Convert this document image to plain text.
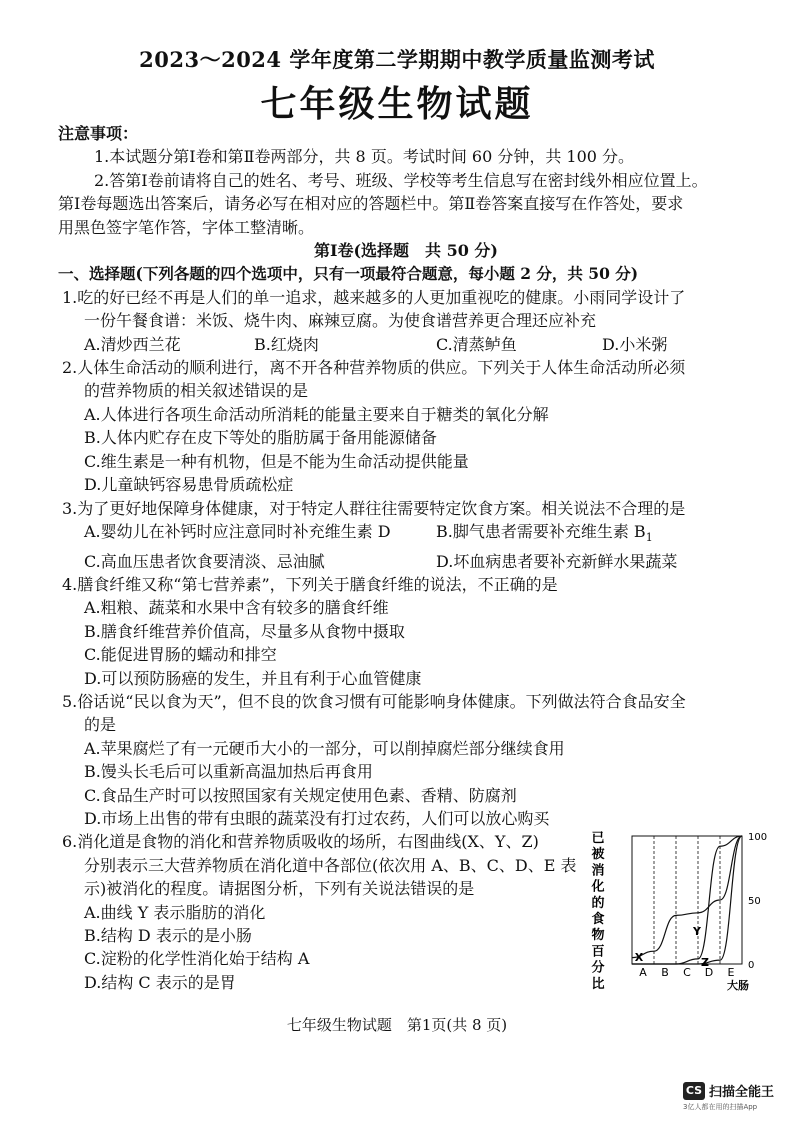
2023～2024 学年度第二学期期中教学质量监测考试
七年级生物试题
注意事项：
1.本试题分第Ⅰ卷和第Ⅱ卷两部分，共 8 页。考试时间 60 分钟，共 100 分。
2.答第Ⅰ卷前请将自己的姓名、考号、班级、学校等考生信息写在密封线外相应位置上。
第Ⅰ卷每题选出答案后，请务必写在相对应的答题栏中。第Ⅱ卷答案直接写在作答处，要求
用黑色签字笔作答，字体工整清晰。
第Ⅰ卷(选择题　共 50 分)
一、选择题(下列各题的四个选项中，只有一项最符合题意，每小题 2 分，共 50 分)
1.吃的好已经不再是人们的单一追求，越来越多的人更加重视吃的健康。小雨同学设计了
一份午餐食谱：米饭、烧牛肉、麻辣豆腐。为使食谱营养更合理还应补充
A.清炒西兰花	B.红烧肉	C.清蒸鲈鱼	D.小米粥
2.人体生命活动的顺利进行，离不开各种营养物质的供应。下列关于人体生命活动所必须
的营养物质的相关叙述错误的是
A.人体进行各项生命活动所消耗的能量主要来自于糖类的氧化分解
B.人体内贮存在皮下等处的脂肪属于备用能源储备
C.维生素是一种有机物，但是不能为生命活动提供能量
D.儿童缺钙容易患骨质疏松症
3.为了更好地保障身体健康，对于特定人群往往需要特定饮食方案。相关说法不合理的是
A.婴幼儿在补钙时应注意同时补充维生素 D	B.脚气患者需要补充维生素 $B_1$
C.高血压患者饮食要清淡、忌油腻	D.坏血病患者要补充新鲜水果蔬菜
4.膳食纤维又称“第七营养素”，下列关于膳食纤维的说法，不正确的是
A.粗粮、蔬菜和水果中含有较多的膳食纤维
B.膳食纤维营养价值高，尽量多从食物中摄取
C.能促进胃肠的蠕动和排空
D.可以预防肠癌的发生，并且有利于心血管健康
5.俗话说“民以食为天”，但不良的饮食习惯有可能影响身体健康。下列做法符合食品安全
的是
A.苹果腐烂了有一元硬币大小的一部分，可以削掉腐烂部分继续食用
B.馒头长毛后可以重新高温加热后再食用
C.食品生产时可以按照国家有关规定使用色素、香精、防腐剂
D.市场上出售的带有虫眼的蔬菜没有打过农药，人们可以放心购买
6.消化道是食物的消化和营养物质吸收的场所，右图曲线(X、Y、Z)
分别表示三大营养物质在消化道中各部位(依次用 A、B、C、D、E 表
示)被消化的程度。请据图分析，下列有关说法错误的是
A.曲线 Y 表示脂肪的消化
B.结构 D 表示的是小肠
C.淀粉的化学性消化始于结构 A
D.结构 C 表示的是胃
已
被
消
化
的
食
物
百
分
比
X
Y
Z	0
50
100
A B C D E
大肠
七年级生物试题　第1页(共 8 页)
CS 扫描全能王
3亿人都在用的扫描App
